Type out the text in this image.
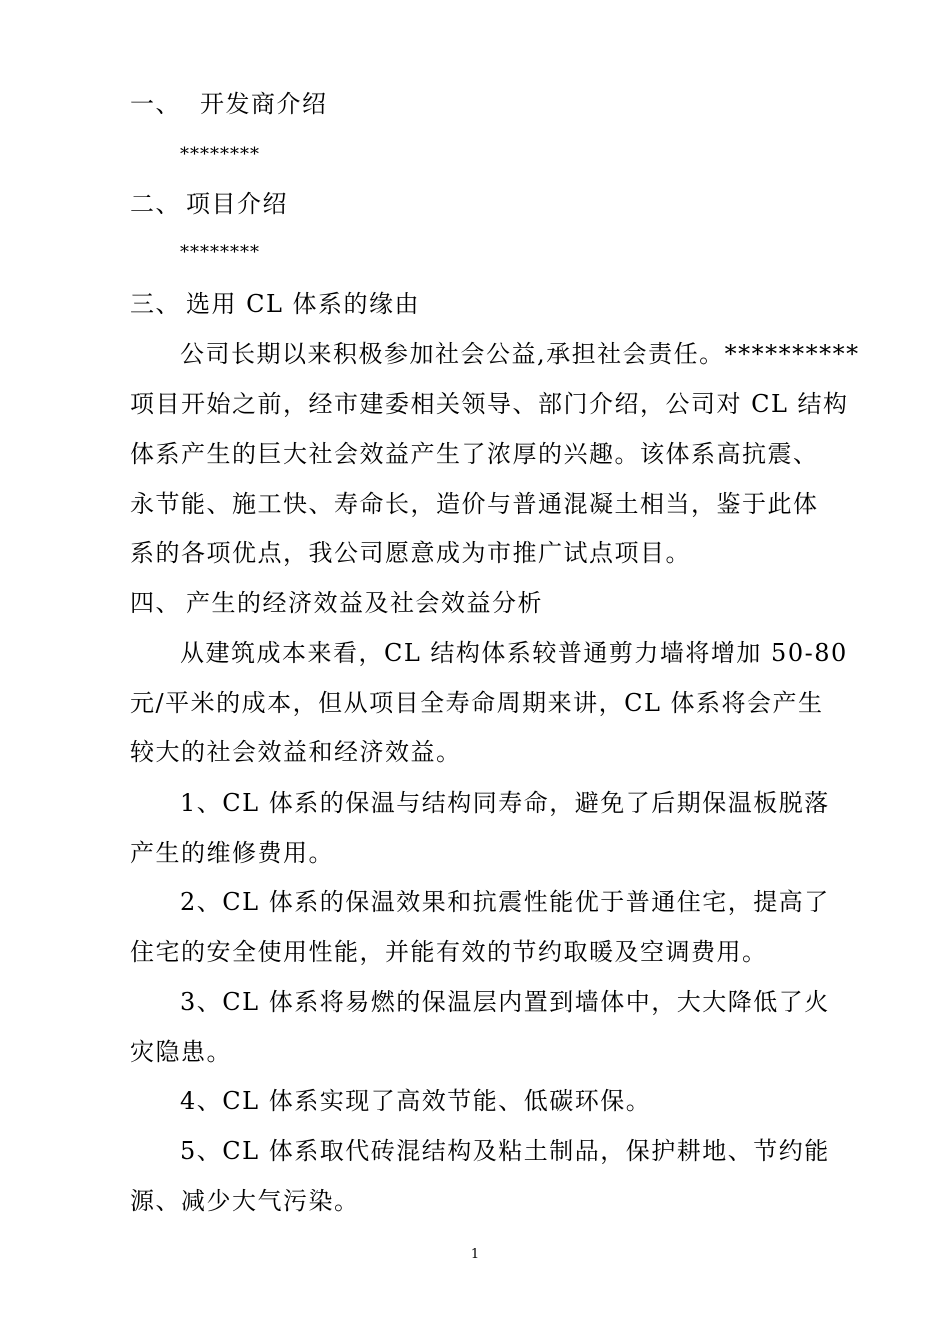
一、 开发商介绍
********
二、 项目介绍
********
三、 选用 CL 体系的缘由
公司长期以来积极参加社会公益,承担社会责任。**********
项目开始之前，经市建委相关领导、部门介绍，公司对 CL 结构
体系产生的巨大社会效益产生了浓厚的兴趣。该体系高抗震、
永节能、施工快、寿命长，造价与普通混凝土相当，鉴于此体
系的各项优点，我公司愿意成为市推广试点项目。
四、 产生的经济效益及社会效益分析
从建筑成本来看，CL 结构体系较普通剪力墙将增加 50-80
元/平米的成本，但从项目全寿命周期来讲，CL 体系将会产生
较大的社会效益和经济效益。
1、CL 体系的保温与结构同寿命，避免了后期保温板脱落
产生的维修费用。
2、CL 体系的保温效果和抗震性能优于普通住宅，提高了
住宅的安全使用性能，并能有效的节约取暖及空调费用。
3、CL 体系将易燃的保温层内置到墙体中，大大降低了火
灾隐患。
4、CL 体系实现了高效节能、低碳环保。
5、CL 体系取代砖混结构及粘土制品，保护耕地、节约能
源、减少大气污染。
1
